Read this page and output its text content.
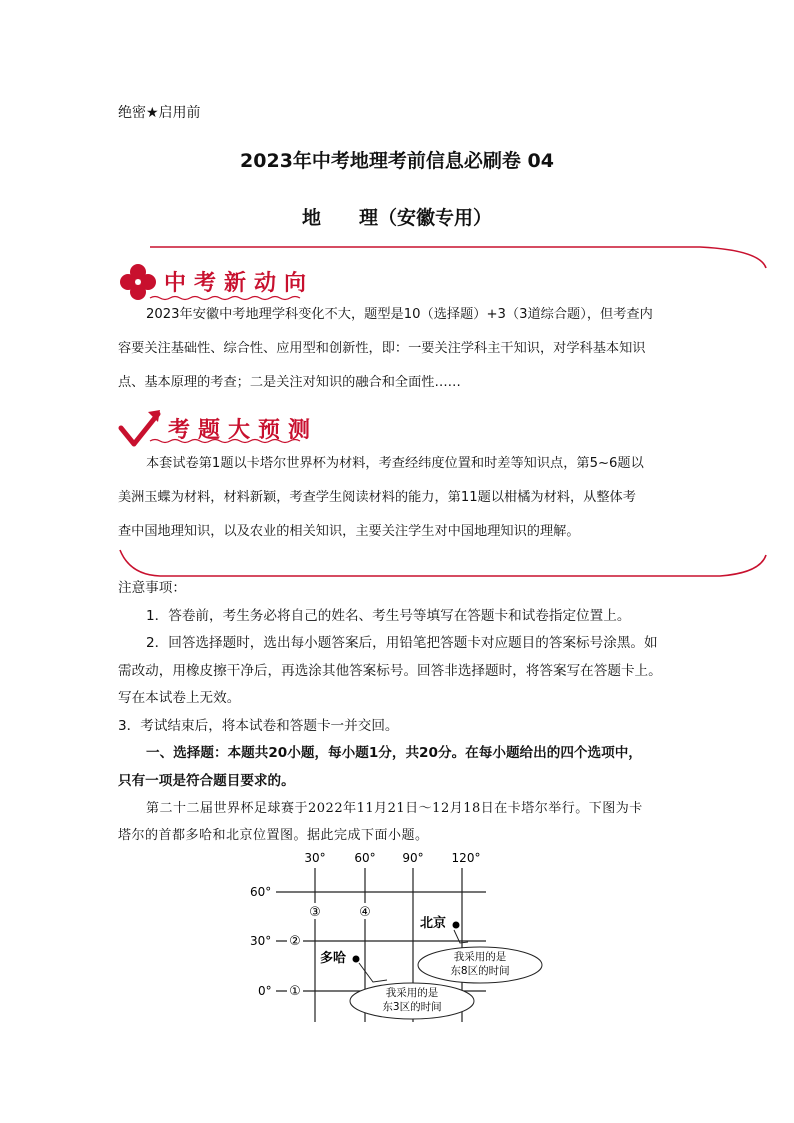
绝密★启用前
2023年中考地理考前信息必刷卷 04
地 理（安徽专用）
中考新动向
2023年安徽中考地理学科变化不大，题型是10（选择题）+3（3道综合题），但考查内
容要关注基础性、综合性、应用型和创新性，即：一要关注学科主干知识，对学科基本知识
点、基本原理的考查；二是关注对知识的融合和全面性……
考题大预测
本套试卷第1题以卡塔尔世界杯为材料，考查经纬度位置和时差等知识点，第5~6题以
美洲玉蝶为材料，材料新颖，考查学生阅读材料的能力，第11题以柑橘为材料，从整体考
查中国地理知识，以及农业的相关知识，主要关注学生对中国地理知识的理解。
注意事项：
1．答卷前，考生务必将自己的姓名、考生号等填写在答题卡和试卷指定位置上。
2．回答选择题时，选出每小题答案后，用铅笔把答题卡对应题目的答案标号涂黑。如
需改动，用橡皮擦干净后，再选涂其他答案标号。回答非选择题时，将答案写在答题卡上。
写在本试卷上无效。
3．考试结束后，将本试卷和答题卡一并交回。
一、选择题：本题共20小题，每小题1分，共20分。在每小题给出的四个选项中，
只有一项是符合题目要求的。
第二十二届世界杯足球赛于2022年11月21日～12月18日在卡塔尔举行。下图为卡
塔尔的首都多哈和北京位置图。据此完成下面小题。
30° 60° 90° 120°
60°
30°
0° ①
②
③	④
北京
我采用的是
东8区的时间
多哈
我采用的是
东3区的时间
